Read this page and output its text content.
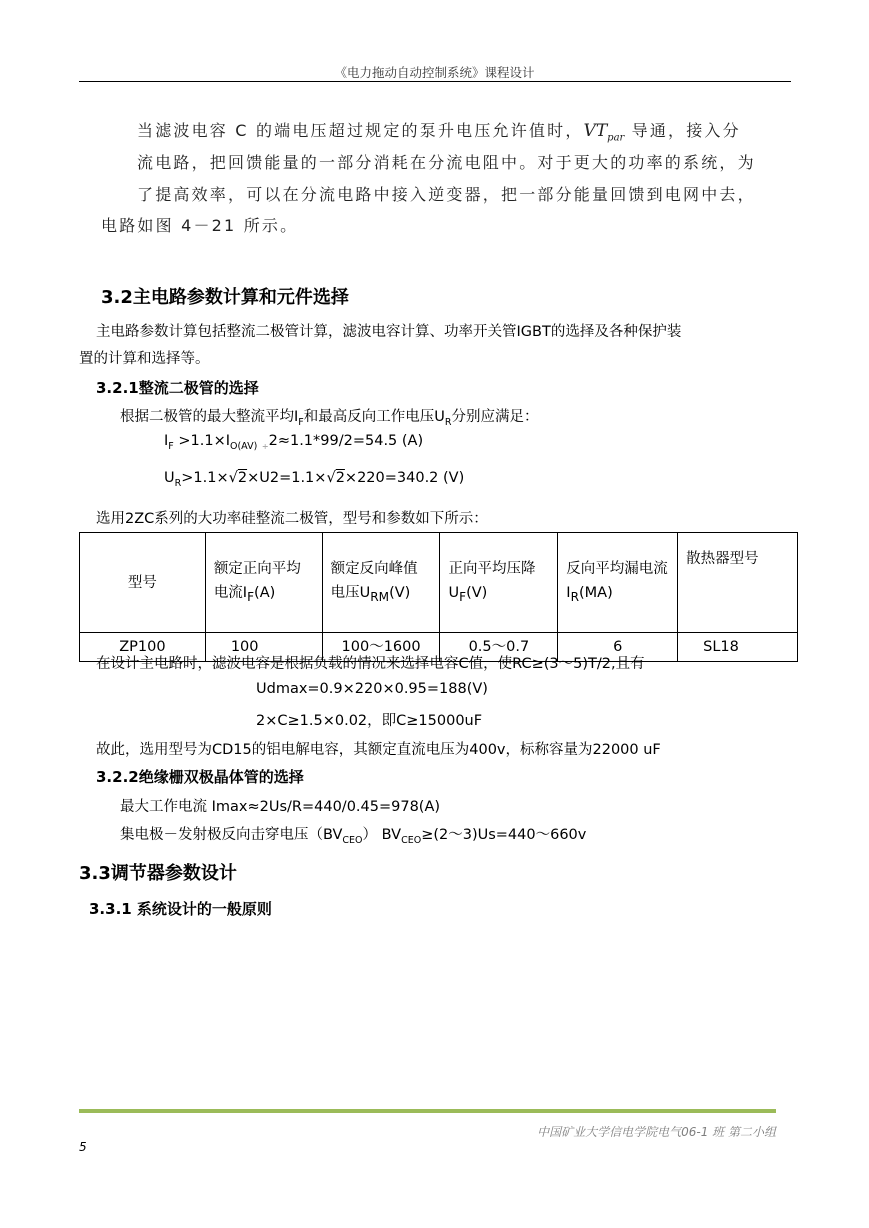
《电力拖动自动控制系统》课程设计
当滤波电容 C 的端电压超过规定的泵升电压允许值时，$VT_{par}$ 导通，接入分
流电路，把回馈能量的一部分消耗在分流电阻中。对于更大的功率的系统，为
了提高效率，可以在分流电路中接入逆变器，把一部分能量回馈到电网中去，
电路如图 4－21 所示。
3.2主电路参数计算和元件选择
主电路参数计算包括整流二极管计算，滤波电容计算、功率开关管IGBT的选择及各种保护装
置的计算和选择等。
3.2.1整流二极管的选择
根据二极管的最大整流平均$I_F$和最高反向工作电压$U_R$分别应满足：
$I_F >1.1\times I_{O(AV)}$ $_\div$2≈1.1*99/2=54.5 (A)
$U_R>1.1\times√2\times U2=1.1\times√2\times 220=340.2$ (V)
选用2ZC系列的大功率硅整流二极管，型号和参数如下所示：
型号	额定正向平均电流$I_F(A)$	额定反向峰值电压$U_{RM}(V)$	正向平均压降$U_F(V)$	反向平均漏电流$I_R(MA)$	散热器型号
ZP100	100	100～1600	0.5～0.7	6	SL18
在设计主电路时，滤波电容是根据负载的情况来选择电容C值，使RC≥(3～5)T/2,且有
Udmax=0.9×220×0.95=188(V)
2×C≥1.5×0.02，即C≥15000uF
故此，选用型号为CD15的铝电解电容，其额定直流电压为400v，标称容量为22000 uF
3.2.2绝缘栅双极晶体管的选择
最大工作电流 Imax≈2Us/R=440/0.45=978(A)
集电极－发射极反向击穿电压$(BV_{CEO})$ $BV_{CEO}\ge(2\sim 3)Us=440\sim 660v$
3.3调节器参数设计
3.3.1 系统设计的一般原则
中国矿业大学信电学院电气06-1 班 第二小组
5
